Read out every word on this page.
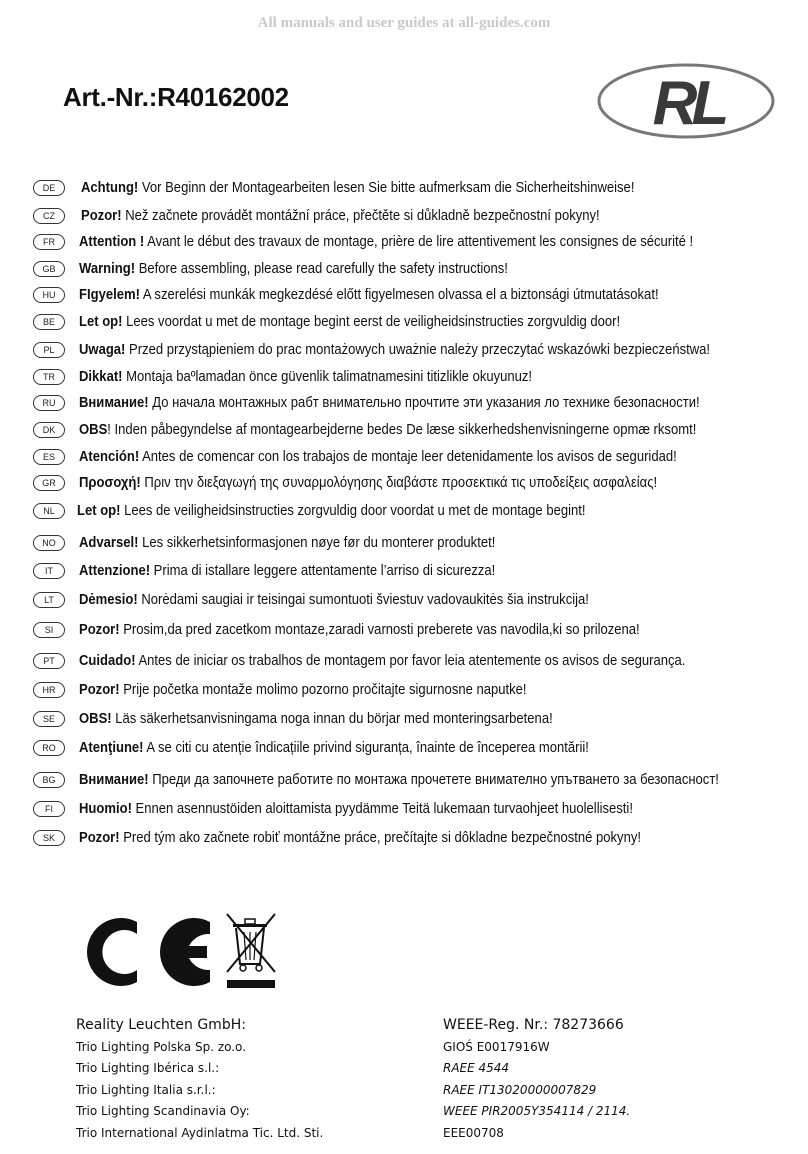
All manuals and user guides at all-guides.com
Art.-Nr.:R40162002	RL
DE	Achtung! Vor Beginn der Montagearbeiten lesen Sie bitte aufmerksam die Sicherheitshinweise!
CZ	Pozor! Než začnete provádět montážní práce, přečtěte si důkladně bezpečnostní pokyny!
FR	Attention ! Avant le début des travaux de montage, prière de lire attentivement les consignes de sécurité !
GB	Warning! Before assembling, please read carefully the safety instructions!
HU	FIgyelem! A szerelési munkák megkezdésé előtt figyelmesen olvassa el a biztonsági útmutatásokat!
BE	Let op! Lees voordat u met de montage begint eerst de veiligheidsinstructies zorgvuldig door!
PL	Uwaga! Przed przystąpieniem do prac montażowych uważnie należy przeczytać wskazówki bezpieczeństwa!
TR	Dikkat! Montaja baºlamadan önce güvenlik talimatnamesini titizlikle okuyunuz!
RU	Внимание! До начала монтажных рабт внимательно прочтите эти указания ло технике безопасности!
DK	OBS! Inden påbegyndelse af montagearbejderne bedes De læse sikkerhedshenvisningerne opmæ rksomt!
ES	Atención! Antes de comencar con los trabajos de montaje leer detenidamente los avisos de seguridad!
GR	Προσοχή! Πριν την διεξαγωγή της συναρμολόγησης διαβάστε προσεκτικά τις υποδείξεις ασφαλείας!
NL	Let op! Lees de veiligheidsinstructies zorgvuldig door voordat u met de montage begint!
NO	Advarsel! Les sikkerhetsinformasjonen nøye før du monterer produktet!
IT	Attenzione! Prima di istallare leggere attentamente l’arriso di sicurezza!
LT	Dėmesio! Norėdami saugiai ir teisingai sumontuoti šviestuv vadovaukitės šia instrukcija!
SI	Pozor! Prosim,da pred zacetkom montaze,zaradi varnosti preberete vas navodila,ki so prilozena!
PT	Cuidado! Antes de iniciar os trabalhos de montagem por favor leia atentemente os avisos de segurança.
HR	Pozor! Prije početka montaže molimo pozorno pročitajte sigurnosne naputke!
SE	OBS! Läs säkerhetsanvisningama noga innan du börjar med monteringsarbetena!
RO	Atenţiune! A se citi cu atenție îndicațiile privind siguranța, înainte de începerea montării!
BG	Внимание! Преди да започнете работите по монтажа прочетете внимателно упътването за безопасност!
FI	Huomio! Ennen asennustöiden aloittamista pyydämme Teitä lukemaan turvaohjeet huolellisesti!
SK	Pozor! Pred tým ako začnete robiť montážne práce, prečítajte si dôkladne bezpečnostné pokyny!
Reality Leuchten GmbH:
Trio Lighting Polska Sp. zo.o.
Trio Lighting Ibérica s.l.:
Trio Lighting Italia s.r.l.:
Trio Lighting Scandinavia Oy:
Trio International Aydinlatma Tic. Ltd. Sti.
WEEE-Reg. Nr.: 78273666
GIOŚ E0017916W
RAEE 4544
RAEE IT13020000007829
WEEE PIR2005Y354114 / 2114.
EEE00708
